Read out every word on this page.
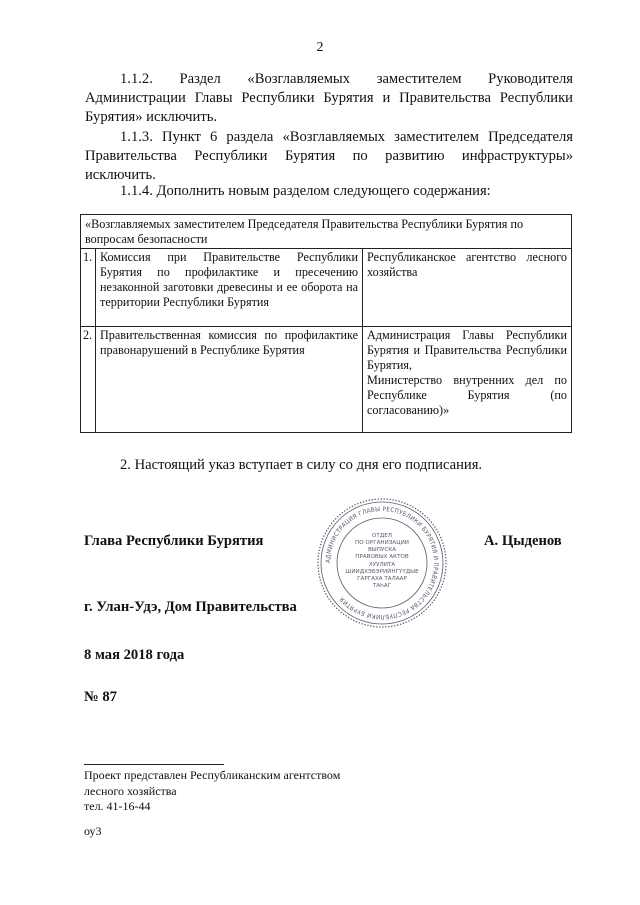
2
1.1.2. Раздел «Возглавляемых заместителем Руководителя Администрации Главы Республики Бурятия и Правительства Республики Бурятия» исключить.
1.1.3. Пункт 6 раздела «Возглавляемых заместителем Председателя Правительства Республики Бурятия по развитию инфраструктуры» исключить.
1.1.4. Дополнить новым разделом следующего содержания:
«Возглавляемых заместителем Председателя Правительства Республики Бурятия по вопросам безопасности		
1.	Комиссия при Правительстве Республики Бурятия по профилактике и пресечению незаконной заготовки древесины и ее оборота на территории Республики Бурятия	Республиканское агентство лесного хозяйства
2.	Правительственная комиссия по профилактике правонарушений в Республике Бурятия	Администрация Главы Республики Бурятия и Правительства Республики Бурятия,
Министерство внутренних дел по Республике Бурятия (по согласованию)»
2. Настоящий указ вступает в силу со дня его подписания.
Глава Республики Бурятия	А. Цыденов
г. Улан-Удэ, Дом Правительства
8 мая 2018 года
№ 87
АДМИНИСТРАЦИЯ ГЛАВЫ РЕСПУБЛИКИ БУРЯТИЯ И ПРАВИТЕЛЬСТВА РЕСПУБЛИКИ БУРЯТИЯ
ОТДЕЛ
ПО ОРГАНИЗАЦИИ
ВЫПУСКА
ПРАВОВЫХ АКТОВ
ХУУЛИТА
ШИИДХЭБЭРИЙНГҮҮДЫЕ
ГАРГАХА ТАЛААР
ТАҺАГ
Проект представлен Республиканским агентством
лесного хозяйства
тел. 41-16-44
оу3
